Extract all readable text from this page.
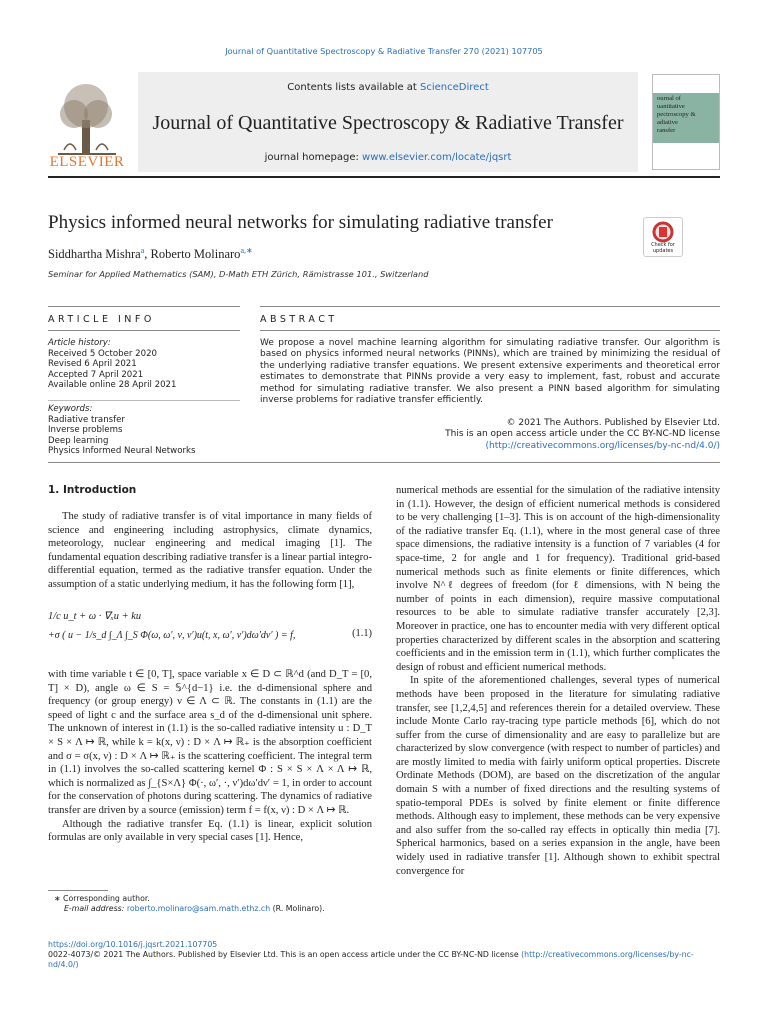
Journal of Quantitative Spectroscopy & Radiative Transfer 270 (2021) 107705
ELSEVIER
Contents lists available at ScienceDirect
Journal of Quantitative Spectroscopy & Radiative Transfer
journal homepage: www.elsevier.com/locate/jqsrt
ournal of
uantitative
pectroscopy &
adiative
ransfer
Physics informed neural networks for simulating radiative transfer
Check for updates
Siddhartha Mishra$^a$, Roberto Molinaro$^{a,∗}$
Seminar for Applied Mathematics (SAM), D-Math ETH Zürich, Rämistrasse 101., Switzerland
ARTICLE INFO	ABSTRACT
Article history:
Received 5 October 2020
Revised 6 April 2021
Accepted 7 April 2021
Available online 28 April 2021
Keywords:
Radiative transfer
Inverse problems
Deep learning
Physics Informed Neural Networks
We propose a novel machine learning algorithm for simulating radiative transfer. Our algorithm is based on physics informed neural networks (PINNs), which are trained by minimizing the residual of the underlying radiative transfer equations. We present extensive experiments and theoretical error estimates to demonstrate that PINNs provide a very easy to implement, fast, robust and accurate method for simulating radiative transfer. We also present a PINN based algorithm for simulating inverse problems for radiative transfer efficiently.
© 2021 The Authors. Published by Elsevier Ltd.
This is an open access article under the CC BY-NC-ND license
(http://creativecommons.org/licenses/by-nc-nd/4.0/)
1. Introduction

The study of radiative transfer is of vital importance in many fields of science and engineering including astrophysics, climate dynamics, meteorology, nuclear engineering and medical imaging [1]. The fundamental equation describing radiative transfer is a linear partial integro-differential equation, termed as the radiative transfer equation. Under the assumption of a static underlying medium, it has the following form [1],

1/c u_t + ω · ∇ₓu + ku
+σ ( u − 1/s_d ∫_Λ ∫_S Φ(ω, ω′, ν, ν′)u(t, x, ω′, ν′)dω′dν′ ) = f,	(1.1)

with time variable t ∈ [0, T], space variable x ∈ D ⊂ ℝ^d (and D_T = [0, T] × D), angle ω ∈ S = 𝕊^{d−1} i.e. the d-dimensional sphere and frequency (or group energy) ν ∈ Λ ⊂ ℝ. The constants in (1.1) are the speed of light c and the surface area s_d of the d-dimensional unit sphere. The unknown of interest in (1.1) is the so-called radiative intensity u : D_T × S × Λ ↦ ℝ, while k = k(x, ν) : D × Λ ↦ ℝ₊ is the absorption coefficient and σ = σ(x, ν) : D × Λ ↦ ℝ₊ is the scattering coefficient. The integral term in (1.1) involves the so-called scattering kernel Φ : S × S × Λ × Λ ↦ ℝ, which is normalized as ∫_{S×Λ} Φ(·, ω′, ·, ν′)dω′dν′ = 1, in order to account for the conservation of photons during scattering. The dynamics of radiative transfer are driven by a source (emission) term f = f(x, ν) : D × Λ ↦ ℝ.

Although the radiative transfer Eq. (1.1) is linear, explicit solution formulas are only available in very special cases [1]. Hence,

∗ Corresponding author.
E-mail address: roberto.molinaro@sam.math.ethz.ch (R. Molinaro).

numerical methods are essential for the simulation of the radiative intensity in (1.1). However, the design of efficient numerical methods is considered to be very challenging [1–3]. This is on account of the high-dimensionality of the radiative transfer Eq. (1.1), where in the most general case of three space dimensions, the radiative intensity is a function of 7 variables (4 for space-time, 2 for angle and 1 for frequency). Traditional grid-based numerical methods such as finite elements or finite differences, which involve N^ℓ degrees of freedom (for ℓ dimensions, with N being the number of points in each dimension), require massive computational resources to be able to simulate radiative transfer accurately [2,3]. Moreover in practice, one has to encounter media with very different optical properties characterized by different scales in the absorption and scattering coefficients and in the emission term in (1.1), which further complicates the design of robust and efficient numerical methods.

In spite of the aforementioned challenges, several types of numerical methods have been proposed in the literature for simulating radiative transfer, see [1,2,4,5] and references therein for a detailed overview. These include Monte Carlo ray-tracing type particle methods [6], which do not suffer from the curse of dimensionality and are easy to parallelize but are characterized by slow convergence (with respect to number of particles) and are mostly limited to media with fairly uniform optical properties. Discrete Ordinate Methods (DOM), are based on the discretization of the angular domain S with a number of fixed directions and the resulting systems of spatio-temporal PDEs is solved by finite element or finite difference methods. Although easy to implement, these methods can be very expensive and also suffer from the so-called ray effects in optically thin media [7]. Spherical harmonics, based on a series expansion in the angle, have been widely used in radiative transfer [1]. Although shown to exhibit spectral convergence for

https://doi.org/10.1016/j.jqsrt.2021.107705
0022-4073/© 2021 The Authors. Published by Elsevier Ltd. This is an open access article under the CC BY-NC-ND license (http://creativecommons.org/licenses/by-nc-nd/4.0/)
